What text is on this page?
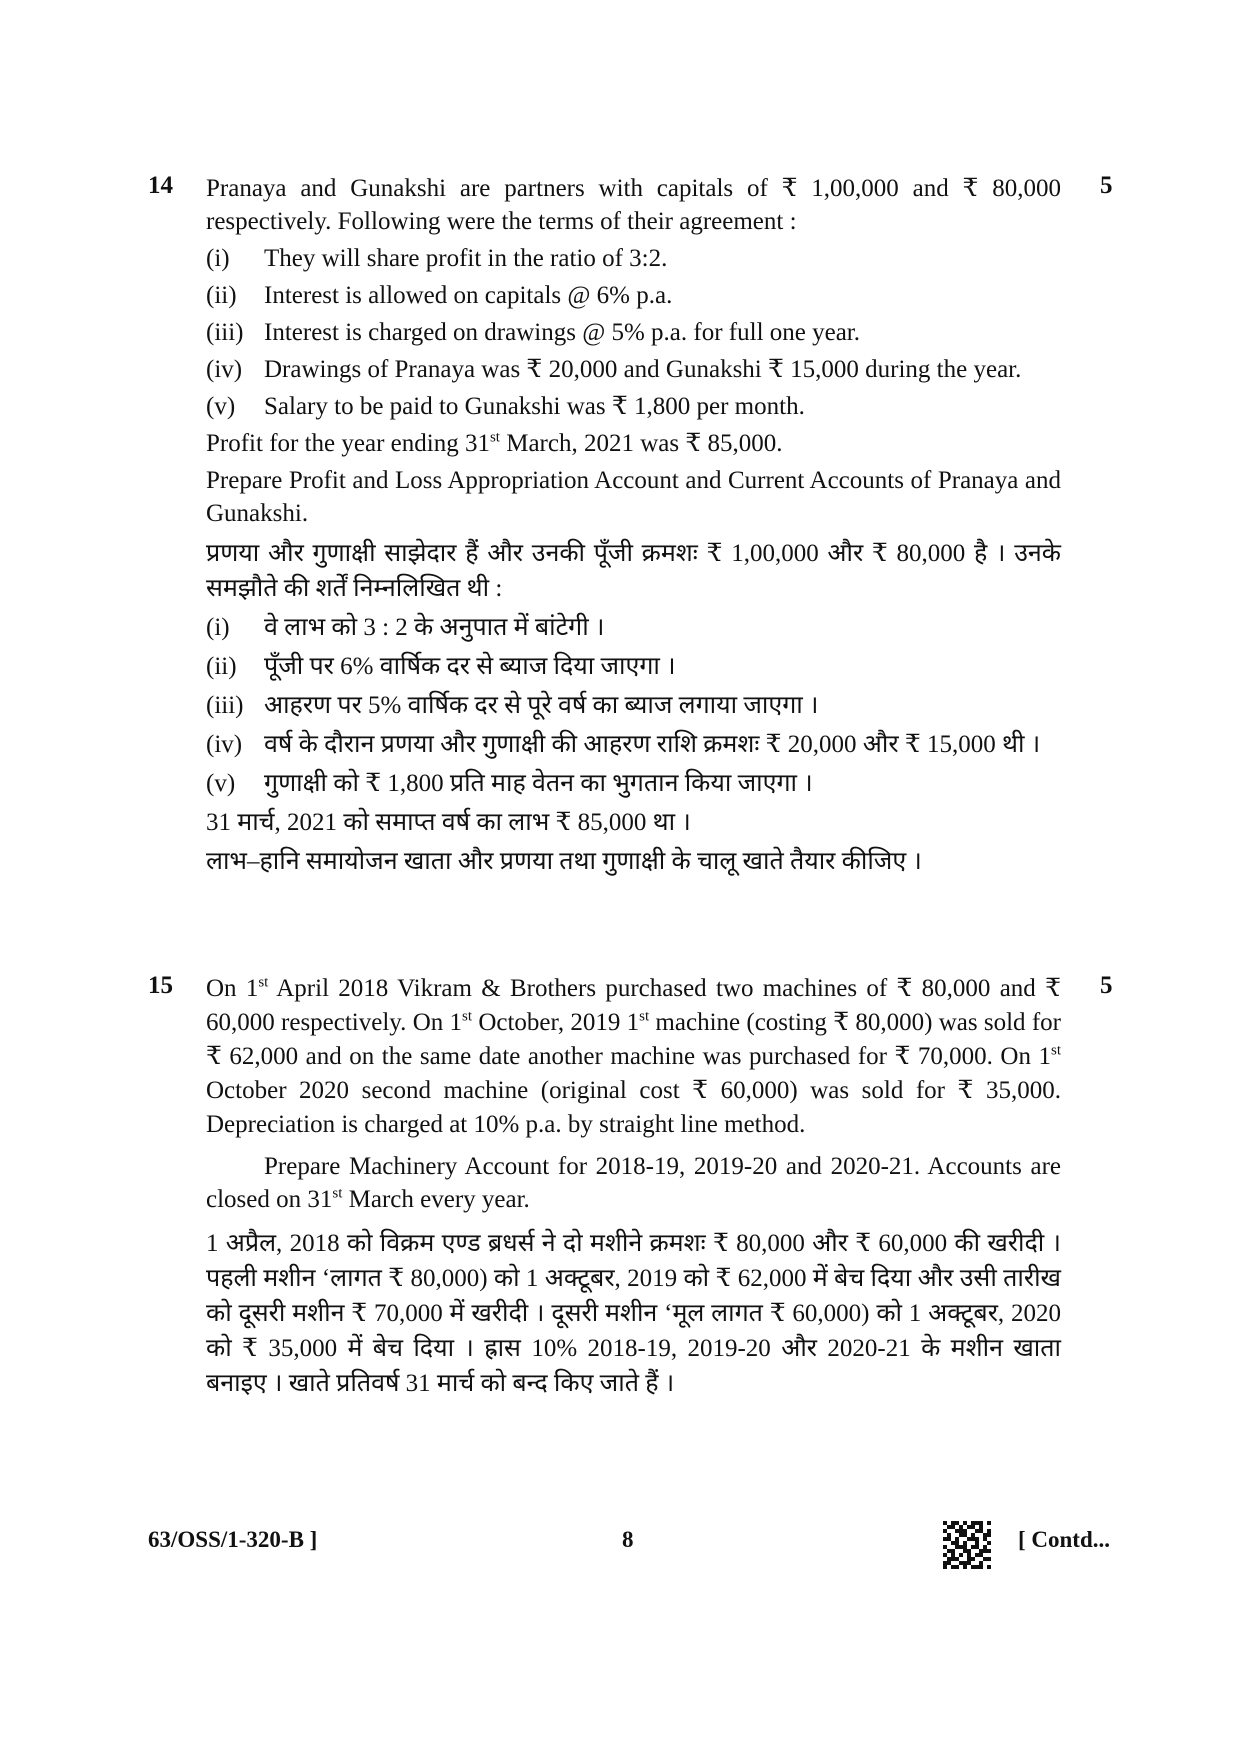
14	5

Pranaya and Gunakshi are partners with capitals of ₹ 1,00,000 and ₹ 80,000 respectively. Following were the terms of their agreement :

(i) They will share profit in the ratio of 3:2.
(ii) Interest is allowed on capitals @ 6% p.a.
(iii) Interest is charged on drawings @ 5% p.a. for full one year.
(iv) Drawings of Pranaya was ₹ 20,000 and Gunakshi ₹ 15,000 during the year.
(v) Salary to be paid to Gunakshi was ₹ 1,800 per month.

Profit for the year ending 31st March, 2021 was ₹ 85,000.

Prepare Profit and Loss Appropriation Account and Current Accounts of Pranaya and Gunakshi.

प्रणया और गुणाक्षी साझेदार हैं और उनकी पूँजी क्रमशः ₹ 1,00,000 और ₹ 80,000 है । उनके समझौते की शर्तें निम्नलिखित थी :

(i) वे लाभ को 3 : 2 के अनुपात में बांटेगी ।
(ii) पूँजी पर 6% वार्षिक दर से ब्याज दिया जाएगा ।
(iii) आहरण पर 5% वार्षिक दर से पूरे वर्ष का ब्याज लगाया जाएगा ।
(iv) वर्ष के दौरान प्रणया और गुणाक्षी की आहरण राशि क्रमशः ₹ 20,000 और ₹ 15,000 थी ।
(v) गुणाक्षी को ₹ 1,800 प्रति माह वेतन का भुगतान किया जाएगा ।

31 मार्च, 2021 को समाप्त वर्ष का लाभ ₹ 85,000 था ।

लाभ–हानि समायोजन खाता और प्रणया तथा गुणाक्षी के चालू खाते तैयार कीजिए ।

15	5

On 1st April 2018 Vikram & Brothers purchased two machines of ₹ 80,000 and ₹ 60,000 respectively. On 1st October, 2019 1st machine (costing ₹ 80,000) was sold for ₹ 62,000 and on the same date another machine was purchased for ₹ 70,000. On 1st October 2020 second machine (original cost ₹ 60,000) was sold for ₹ 35,000. Depreciation is charged at 10% p.a. by straight line method.

Prepare Machinery Account for 2018-19, 2019-20 and 2020-21. Accounts are closed on 31st March every year.

1 अप्रैल, 2018 को विक्रम एण्ड ब्रधर्स ने दो मशीने क्रमशः ₹ 80,000 और ₹ 60,000 की खरीदी । पहली मशीन ‘लागत ₹ 80,000) को 1 अक्टूबर, 2019 को ₹ 62,000 में बेच दिया और उसी तारीख को दूसरी मशीन ₹ 70,000 में खरीदी । दूसरी मशीन ‘मूल लागत ₹ 60,000) को 1 अक्टूबर, 2020 को ₹ 35,000 में बेच दिया । ह्रास 10% 2018-19, 2019-20 और 2020-21 के मशीन खाता बनाइए । खाते प्रतिवर्ष 31 मार्च को बन्द किए जाते हैं ।

63/OSS/1-320-B ]	8	[ Contd...
